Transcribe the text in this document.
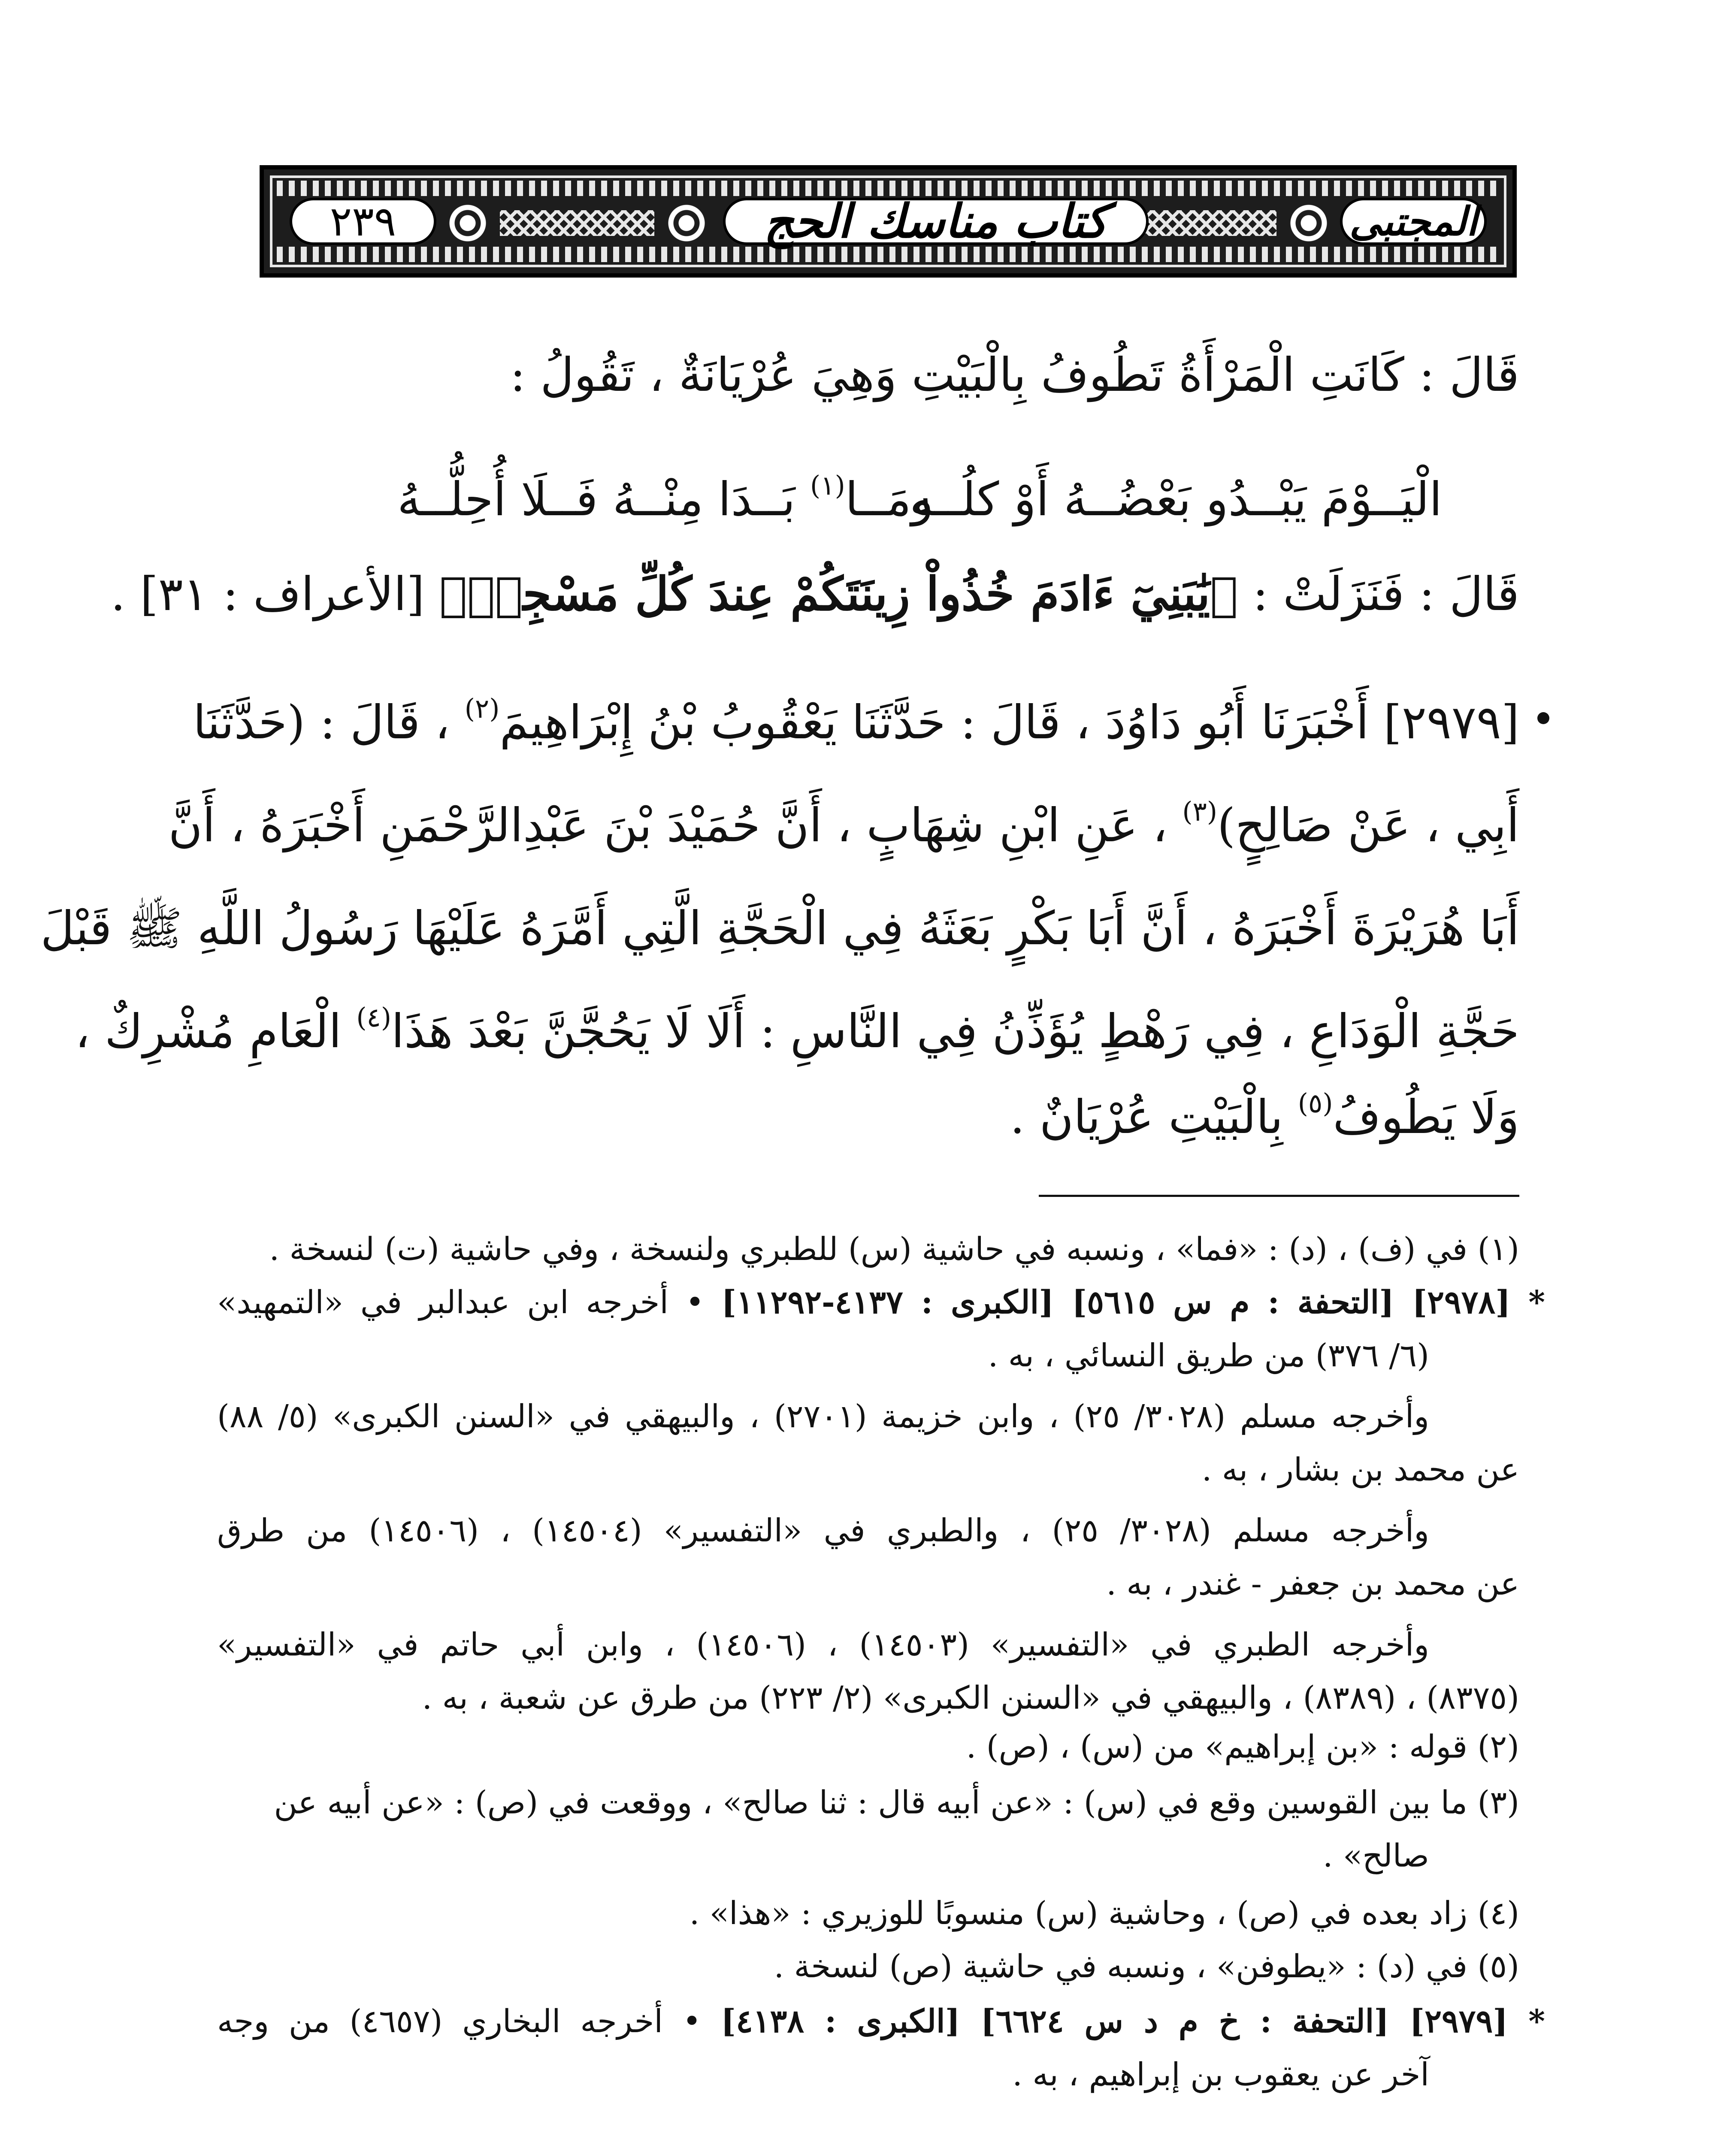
المجتبى
كتاب مناسك الحج
٢٣٩
قَالَ : كَانَتِ الْمَرْأَةُ تَطُوفُ بِالْبَيْتِ وَهِيَ عُرْيَانَةٌ ، تَقُولُ :
الْيَــوْمَ يَبْــدُو بَعْضُــهُ أَوْ كلُــه
ومَــا$^{(١)}$ بَــدَا مِنْــهُ فَــلَا أُحِلُّــهُ
قَالَ : فَنَزَلَتْ : ﴿يَٰبَنِيٓ ءَادَمَ خُذُواْ زِينَتَكُمْ عِندَ كُلِّ مَسْجِدٖ﴾ [الأعراف : ٣١] .
[٢٩٧٩] أَخْبَرَنَا أَبُو دَاوُدَ ، قَالَ : حَدَّثَنَا يَعْقُوبُ بْنُ إِبْرَاهِيمَ$^{(٢)}$ ، قَالَ : (حَدَّثَنَا
أَبِي ، عَنْ صَالِحٍ)$^{(٣)}$ ، عَنِ ابْنِ شِهَابٍ ، أَنَّ حُمَيْدَ بْنَ عَبْدِالرَّحْمَنِ أَخْبَرَهُ ، أَنَّ
أَبَا هُرَيْرَةَ أَخْبَرَهُ ، أَنَّ أَبَا بَكْرٍ بَعَثَهُ فِي الْحَجَّةِ الَّتِي أَمَّرَهُ عَلَيْهَا رَسُولُ اللَّهِ ﷺ قَبْلَ
حَجَّةِ الْوَدَاعِ ، فِي رَهْطٍ يُؤَذِّنُ فِي النَّاسِ : أَلَا لَا يَحُجَّنَّ بَعْدَ هَذَا$^{(٤)}$ الْعَامِ مُشْرِكٌ ،
وَلَا يَطُوفُ$^{(٥)}$ بِالْبَيْتِ عُرْيَانٌ .
(١) في (ف) ، (د) : «فما» ، ونسبه في حاشية (س) للطبري ولنسخة ، وفي حاشية (ت) لنسخة .
* [٢٩٧٨] [التحفة : م س ٥٦١٥] [الكبرى : ٤١٣٧-١١٢٩٢] • أخرجه ابن عبدالبر في «التمهيد»
(٦/ ٣٧٦) من طريق النسائي ، به .
وأخرجه مسلم (٣٠٢٨/ ٢٥) ، وابن خزيمة (٢٧٠١) ، والبيهقي في «السنن الكبرى» (٥/ ٨٨)
عن محمد بن بشار ، به .
وأخرجه مسلم (٣٠٢٨/ ٢٥) ، والطبري في «التفسير» (١٤٥٠٤) ، (١٤٥٠٦) من طرق
عن محمد بن جعفر - غندر ، به .
وأخرجه الطبري في «التفسير» (١٤٥٠٣) ، (١٤٥٠٦) ، وابن أبي حاتم في «التفسير»
(٨٣٧٥) ، (٨٣٨٩) ، والبيهقي في «السنن الكبرى» (٢/ ٢٢٣) من طرق عن شعبة ، به .
(٢) قوله : «بن إبراهيم» من (س) ، (ص) .
(٣) ما بين القوسين وقع في (س) : «عن أبيه قال : ثنا صالح» ، ووقعت في (ص) : «عن أبيه عن
صالح» .
(٤) زاد بعده في (ص) ، وحاشية (س) منسوبًا للوزيري : «هذا» .
(٥) في (د) : «يطوفن» ، ونسبه في حاشية (ص) لنسخة .
* [٢٩٧٩] [التحفة : خ م د س ٦٦٢٤] [الكبرى : ٤١٣٨] • أخرجه البخاري (٤٦٥٧) من وجه
آخر عن يعقوب بن إبراهيم ، به .
